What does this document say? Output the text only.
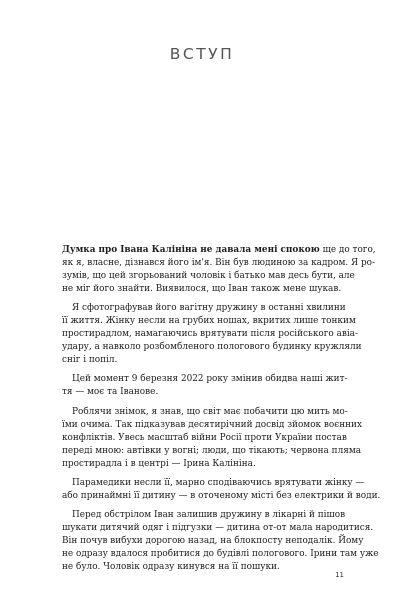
ВСТУП
Думка про Івана Калініна не давала мені спокою ще до того,
як я, власне, дізнався його ім'я. Він був людиною за кадром. Я ро-
зумів, що цей згорьований чоловік і батько мав десь бути, але
не міг його знайти. Виявилося, що Іван також мене шукав.
Я сфотографував його вагітну дружину в останні хвилини
її життя. Жінку несли на грубих ношах, вкритих лише тонким
простирадлом, намагаючись врятувати після російського авіа-
удару, а навколо розбомбленого пологового будинку кружляли
сніг і попіл.
Цей момент 9 березня 2022 року змінив обидва наші жит-
тя — моє та Іванове.
Роблячи знімок, я знав, що світ має побачити цю мить мо-
їми очима. Так підказував десятирічний досвід зйомок воєнних
конфліктів. Увесь масштаб війни Росії проти України постав
переді мною: автівки у вогні; люди, що тікають; червона пляма
простирадла і в центрі — Ірина Калініна.
Парамедики несли її, марно сподіваючись врятувати жінку —
або принаймні її дитину — в оточеному місті без електрики й води.
Перед обстрілом Іван залишив дружину в лікарні й пішов
шукати дитячий одяг і підгузки — дитина от-от мала народитися.
Він почув вибухи дорогою назад, на блокпосту неподалік. Йому
не одразу вдалося пробитися до будівлі пологового. Ірини там уже
не було. Чоловік одразу кинувся на її пошуки.
11
